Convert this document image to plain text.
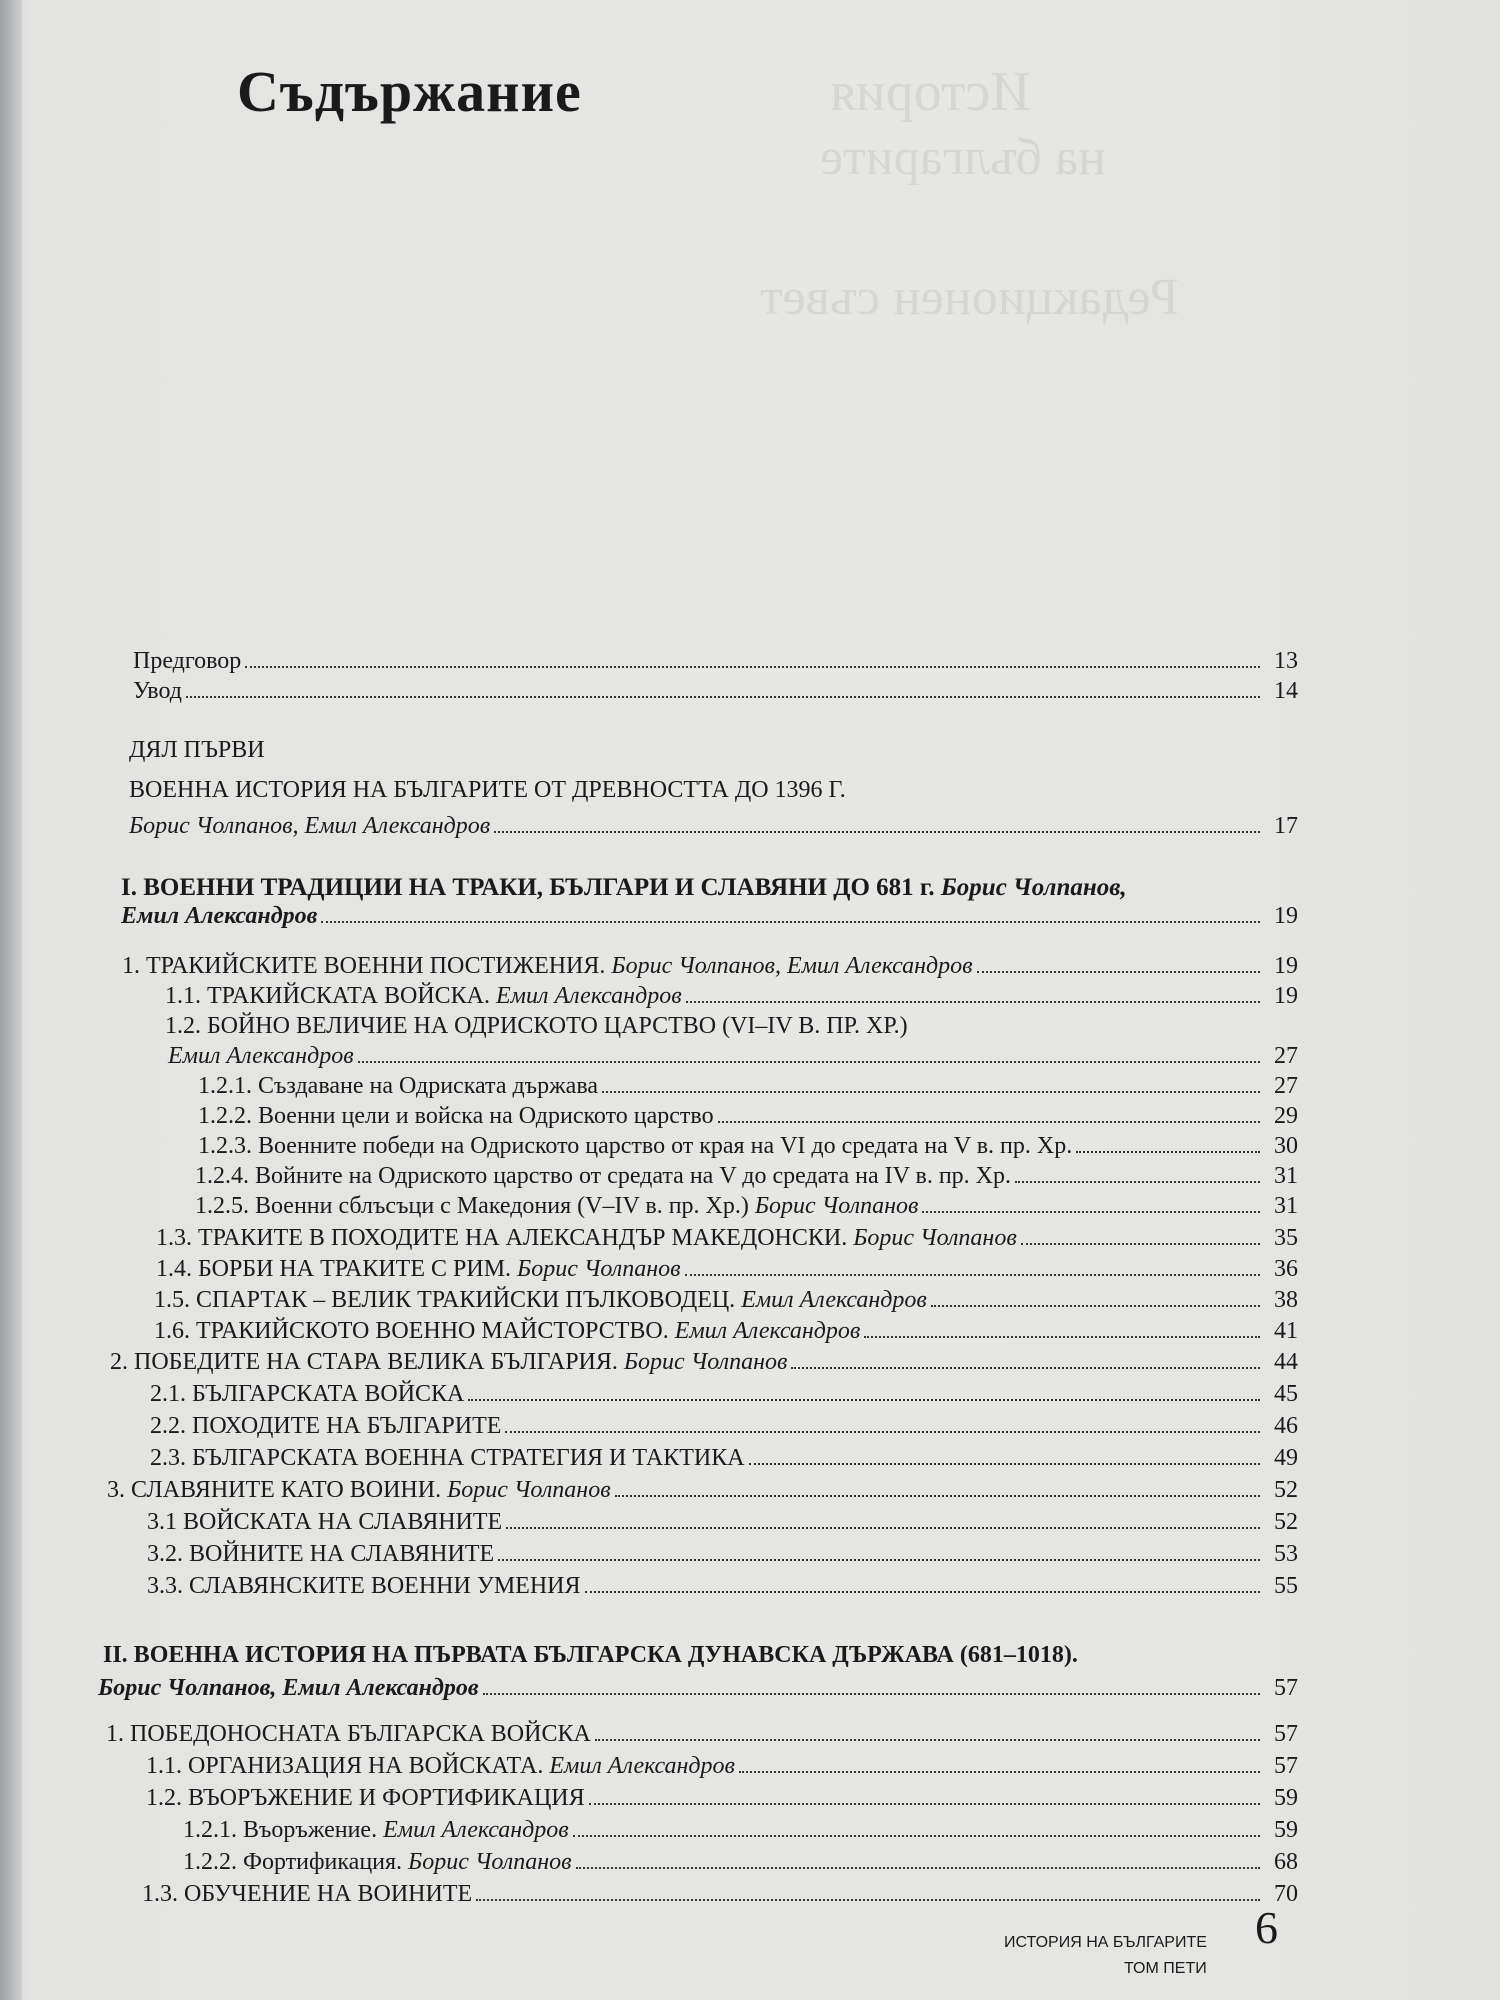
История
на българите
Редакционен съвет
Съдържание
Предговор	13
Увод	14
ДЯЛ ПЪРВИ
ВОЕННА ИСТОРИЯ НА БЪЛГАРИТЕ ОТ ДРЕВНОСТТА ДО 1396 Г.
Борис Чолпанов, Емил Александров	17
I. ВОЕННИ ТРАДИЦИИ НА ТРАКИ, БЪЛГАРИ И СЛАВЯНИ ДО 681 г. Борис Чолпанов,
Емил Александров	19
1. ТРАКИЙСКИТЕ ВОЕННИ ПОСТИЖЕНИЯ. Борис Чолпанов, Емил Александров	19
1.1. ТРАКИЙСКАТА ВОЙСКА. Емил Александров	19
1.2. БОЙНО ВЕЛИЧИЕ НА ОДРИСКОТО ЦАРСТВО (VI–IV В. ПР. ХР.)
Емил Александров	27
1.2.1. Създаване на Одриската държава	27
1.2.2. Военни цели и войска на Одриското царство	29
1.2.3. Военните победи на Одриското царство от края на VI до средата на V в. пр. Хр.	30
1.2.4. Войните на Одриското царство от средата на V до средата на IV в. пр. Хр.	31
1.2.5. Военни сблъсъци с Македония (V–IV в. пр. Хр.) Борис Чолпанов	31
1.3. ТРАКИТЕ В ПОХОДИТЕ НА АЛЕКСАНДЪР МАКЕДОНСКИ. Борис Чолпанов	35
1.4. БОРБИ НА ТРАКИТЕ С РИМ. Борис Чолпанов	36
1.5. СПАРТАК – ВЕЛИК ТРАКИЙСКИ ПЪЛКОВОДЕЦ. Емил Александров	38
1.6. ТРАКИЙСКОТО ВОЕННО МАЙСТОРСТВО. Емил Александров	41
2. ПОБЕДИТЕ НА СТАРА ВЕЛИКА БЪЛГАРИЯ. Борис Чолпанов	44
2.1. БЪЛГАРСКАТА ВОЙСКА	45
2.2. ПОХОДИТЕ НА БЪЛГАРИТЕ	46
2.3. БЪЛГАРСКАТА ВОЕННА СТРАТЕГИЯ И ТАКТИКА	49
3. СЛАВЯНИТЕ КАТО ВОИНИ. Борис Чолпанов	52
3.1 ВОЙСКАТА НА СЛАВЯНИТЕ	52
3.2. ВОЙНИТЕ НА СЛАВЯНИТЕ	53
3.3. СЛАВЯНСКИТЕ ВОЕННИ УМЕНИЯ	55
II. ВОЕННА ИСТОРИЯ НА ПЪРВАТА БЪЛГАРСКА ДУНАВСКА ДЪРЖАВА (681–1018).
Борис Чолпанов, Емил Александров	57
1. ПОБЕДОНОСНАТА БЪЛГАРСКА ВОЙСКА	57
1.1. ОРГАНИЗАЦИЯ НА ВОЙСКАТА. Емил Александров	57
1.2. ВЪОРЪЖЕНИЕ И ФОРТИФИКАЦИЯ	59
1.2.1. Въоръжение. Емил Александров	59
1.2.2. Фортификация. Борис Чолпанов	68
1.3. ОБУЧЕНИЕ НА ВОИНИТЕ	70
ИСТОРИЯ НА БЪЛГАРИТЕ
ТОМ ПЕТИ
6
